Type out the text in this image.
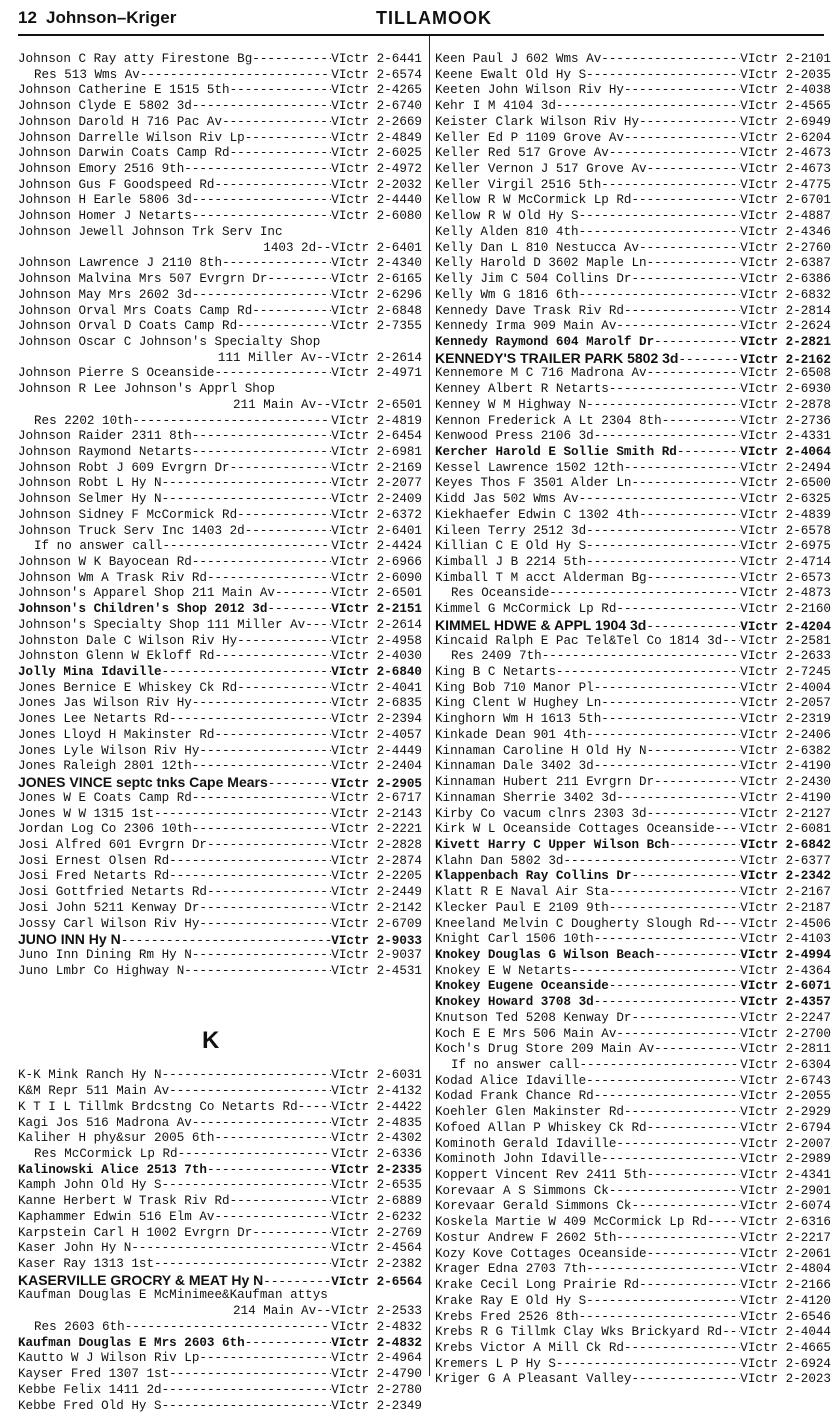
12 Johnson–Kriger	TILLAMOOK
Johnson C Ray atty Firestone Bg -----	VIctr 2-6441
Res 513 Wms Av -----	VIctr 2-6574
Johnson Catherine E 1515 5th -----	VIctr 2-4265
Johnson Clyde E 5802 3d -----	VIctr 2-6740
Johnson Darold H 716 Pac Av -----	VIctr 2-2669
Johnson Darrelle Wilson Riv Lp -----	VIctr 2-4849
Johnson Darwin Coats Camp Rd -----	VIctr 2-6025
Johnson Emory 2516 9th -----	VIctr 2-4972
Johnson Gus F Goodspeed Rd -----	VIctr 2-2032
Johnson H Earle 5806 3d -----	VIctr 2-4440
Johnson Homer J Netarts -----	VIctr 2-6080
Johnson Jewell Johnson Trk Serv Inc
1403 2d -- VIctr 2-6401
Johnson Lawrence J 2110 8th -----	VIctr 2-4340
Johnson Malvina Mrs 507 Evrgrn Dr -----	VIctr 2-6165
Johnson May Mrs 2602 3d -----	VIctr 2-6296
Johnson Orval Mrs Coats Camp Rd -----	VIctr 2-6848
Johnson Orval D Coats Camp Rd -----	VIctr 2-7355
Johnson Oscar C Johnson's Specialty Shop
111 Miller Av -- VIctr 2-2614
Johnson Pierre S Oceanside -----	VIctr 2-4971
Johnson R Lee Johnson's Apprl Shop
211 Main Av -- VIctr 2-6501
Res 2202 10th -----	VIctr 2-4819
Johnson Raider 2311 8th -----	VIctr 2-6454
Johnson Raymond Netarts -----	VIctr 2-6981
Johnson Robt J 609 Evrgrn Dr -----	VIctr 2-2169
Johnson Robt L Hy N -----	VIctr 2-2077
Johnson Selmer Hy N -----	VIctr 2-2409
Johnson Sidney F McCormick Rd -----	VIctr 2-6372
Johnson Truck Serv Inc 1403 2d -----	VIctr 2-6401
If no answer call -----	VIctr 2-4424
Johnson W K Bayocean Rd -----	VIctr 2-6966
Johnson Wm A Trask Riv Rd -----	VIctr 2-6090
Johnson's Apparel Shop 211 Main Av -----	VIctr 2-6501
Johnson's Children's Shop 2012 3d -----	VIctr 2-2151
Johnson's Specialty Shop 111 Miller Av ----- VIctr 2-2614
Johnston Dale C Wilson Riv Hy -----	VIctr 2-4958
Johnston Glenn W Ekloff Rd -----	VIctr 2-4030
Jolly Mina Idaville -----	VIctr 2-6840
Jones Bernice E Whiskey Ck Rd -----	VIctr 2-4041
Jones Jas Wilson Riv Hy -----	VIctr 2-6835
Jones Lee Netarts Rd -----	VIctr 2-2394
Jones Lloyd H Makinster Rd -----	VIctr 2-4057
Jones Lyle Wilson Riv Hy -----	VIctr 2-4449
Jones Raleigh 2801 12th -----	VIctr 2-2404
JONES VINCE septc tnks Cape Mears -----	VIctr 2-2905
Jones W E Coats Camp Rd -----	VIctr 2-6717
Jones W W 1315 1st -----	VIctr 2-2143
Jordan Log Co 2306 10th -----	VIctr 2-2221
Josi Alfred 601 Evrgrn Dr -----	VIctr 2-2828
Josi Ernest Olsen Rd -----	VIctr 2-2874
Josi Fred Netarts Rd -----	VIctr 2-2205
Josi Gottfried Netarts Rd -----	VIctr 2-2449
Josi John 5211 Kenway Dr -----	VIctr 2-2142
Jossy Carl Wilson Riv Hy -----	VIctr 2-6709
JUNO INN Hy N -----	VIctr 2-9033
Juno Inn Dining Rm Hy N -----	VIctr 2-9037
Juno Lmbr Co Highway N -----	VIctr 2-4531
K
K-K Mink Ranch Hy N -----	VIctr 2-6031
K&M Repr 511 Main Av -----	VIctr 2-4132
K T I L Tillmk Brdcstng Co Netarts Rd -----	VIctr 2-4422
Kagi Jos 516 Madrona Av -----	VIctr 2-4835
Kaliher H phy&sur 2005 6th -----	VIctr 2-4302
Res McCormick Lp Rd -----	VIctr 2-6336
Kalinowski Alice 2513 7th -----	VIctr 2-2335
Kamph John Old Hy S -----	VIctr 2-6535
Kanne Herbert W Trask Riv Rd -----	VIctr 2-6889
Kaphammer Edwin 516 Elm Av -----	VIctr 2-6232
Karpstein Carl H 1002 Evrgrn Dr -----	VIctr 2-2769
Kaser John Hy N -----	VIctr 2-4564
Kaser Ray 1313 1st -----	VIctr 2-2382
KASERVILLE GROCRY & MEAT Hy N -----	VIctr 2-6564
Kaufman Douglas E McMinimee&Kaufman attys
214 Main Av -- VIctr 2-2533
Res 2603 6th -----	VIctr 2-4832
Kaufman Douglas E Mrs 2603 6th -----	VIctr 2-4832
Kautto W J Wilson Riv Lp -----	VIctr 2-4964
Kayser Fred 1307 1st -----	VIctr 2-4790
Kebbe Felix 1411 2d -----	VIctr 2-2780
Kebbe Fred Old Hy S -----	VIctr 2-2349
Keen Paul J 602 Wms Av -----	VIctr 2-2101
Keene Ewalt Old Hy S -----	VIctr 2-2035
Keeten John Wilson Riv Hy -----	VIctr 2-4038
Kehr I M 4104 3d -----	VIctr 2-4565
Keister Clark Wilson Riv Hy -----	VIctr 2-6949
Keller Ed P 1109 Grove Av -----	VIctr 2-6204
Keller Red 517 Grove Av -----	VIctr 2-4673
Keller Vernon J 517 Grove Av -----	VIctr 2-4673
Keller Virgil 2516 5th -----	VIctr 2-4775
Kellow R W McCormick Lp Rd -----	VIctr 2-6701
Kellow R W Old Hy S -----	VIctr 2-4887
Kelly Alden 810 4th -----	VIctr 2-4346
Kelly Dan L 810 Nestucca Av -----	VIctr 2-2760
Kelly Harold D 3602 Maple Ln -----	VIctr 2-6387
Kelly Jim C 504 Collins Dr -----	VIctr 2-6386
Kelly Wm G 1816 6th -----	VIctr 2-6832
Kennedy Dave Trask Riv Rd -----	VIctr 2-2814
Kennedy Irma 909 Main Av -----	VIctr 2-2624
Kennedy Raymond 604 Marolf Dr -----	VIctr 2-2821
KENNEDY'S TRAILER PARK 5802 3d -----	VIctr 2-2162
Kennemore M C 716 Madrona Av -----	VIctr 2-6508
Kenney Albert R Netarts -----	VIctr 2-6930
Kenney W M Highway N -----	VIctr 2-2878
Kennon Frederick A Lt 2304 8th -----	VIctr 2-2736
Kenwood Press 2106 3d -----	VIctr 2-4331
Kercher Harold E Sollie Smith Rd -----	VIctr 2-4064
Kessel Lawrence 1502 12th -----	VIctr 2-2494
Keyes Thos F 3501 Alder Ln -----	VIctr 2-6500
Kidd Jas 502 Wms Av -----	VIctr 2-6325
Kiekhaefer Edwin C 1302 4th -----	VIctr 2-4839
Kileen Terry 2512 3d -----	VIctr 2-6578
Killian C E Old Hy S -----	VIctr 2-6975
Kimball J B 2214 5th -----	VIctr 2-4714
Kimball T M acct Alderman Bg -----	VIctr 2-6573
Res Oceanside -----	VIctr 2-4873
Kimmel G McCormick Lp Rd -----	VIctr 2-2160
KIMMEL HDWE & APPL 1904 3d -----	VIctr 2-4204
Kincaid Ralph E Pac Tel&Tel Co 1814 3d ----- VIctr 2-2581
Res 2409 7th -----	VIctr 2-2633
King B C Netarts -----	VIctr 2-7245
King Bob 710 Manor Pl -----	VIctr 2-4004
King Clent W Hughey Ln -----	VIctr 2-2057
Kinghorn Wm H 1613 5th -----	VIctr 2-2319
Kinkade Dean 901 4th -----	VIctr 2-2406
Kinnaman Caroline H Old Hy N -----	VIctr 2-6382
Kinnaman Dale 3402 3d -----	VIctr 2-4190
Kinnaman Hubert 211 Evrgrn Dr -----	VIctr 2-2430
Kinnaman Sherrie 3402 3d -----	VIctr 2-4190
Kirby Co vacum clnrs 2303 3d -----	VIctr 2-2127
Kirk W L Oceanside Cottages Oceanside ----- VIctr 2-6081
Kivett Harry C Upper Wilson Bch -----	VIctr 2-6842
Klahn Dan 5802 3d -----	VIctr 2-6377
Klappenbach Ray Collins Dr -----	VIctr 2-2342
Klatt R E Naval Air Sta -----	VIctr 2-2167
Klecker Paul E 2109 9th -----	VIctr 2-2187
Kneeland Melvin C Dougherty Slough Rd ----- VIctr 2-4506
Knight Carl 1506 10th -----	VIctr 2-4103
Knokey Douglas G Wilson Beach -----	VIctr 2-4994
Knokey E W Netarts -----	VIctr 2-4364
Knokey Eugene Oceanside -----	VIctr 2-6071
Knokey Howard 3708 3d -----	VIctr 2-4357
Knutson Ted 5208 Kenway Dr -----	VIctr 2-2247
Koch E E Mrs 506 Main Av -----	VIctr 2-2700
Koch's Drug Store 209 Main Av -----	VIctr 2-2811
If no answer call -----	VIctr 2-6304
Kodad Alice Idaville -----	VIctr 2-6743
Kodad Frank Chance Rd -----	VIctr 2-2055
Koehler Glen Makinster Rd -----	VIctr 2-2929
Kofoed Allan P Whiskey Ck Rd -----	VIctr 2-6794
Kominoth Gerald Idaville -----	VIctr 2-2007
Kominoth John Idaville -----	VIctr 2-2989
Koppert Vincent Rev 2411 5th -----	VIctr 2-4341
Korevaar A S Simmons Ck -----	VIctr 2-2901
Korevaar Gerald Simmons Ck -----	VIctr 2-6074
Koskela Martie W 409 McCormick Lp Rd -----	VIctr 2-6316
Kostur Andrew F 2602 5th -----	VIctr 2-2217
Kozy Kove Cottages Oceanside -----	VIctr 2-2061
Krager Edna 2703 7th -----	VIctr 2-4804
Krake Cecil Long Prairie Rd -----	VIctr 2-2166
Krake Ray E Old Hy S -----	VIctr 2-4120
Krebs Fred 2526 8th -----	VIctr 2-6546
Krebs R G Tillmk Clay Wks Brickyard Rd ----- VIctr 2-4044
Krebs Victor A Mill Ck Rd -----	VIctr 2-4665
Kremers L P Hy S -----	VIctr 2-6924
Kriger G A Pleasant Valley -----	VIctr 2-2023
